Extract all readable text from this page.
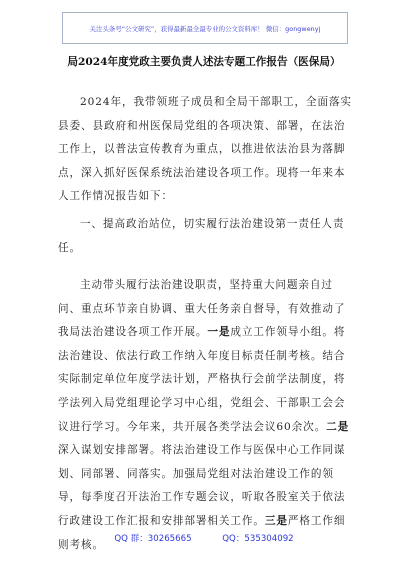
关注头条号“公文研究”，获得最新最全最专业的公文资料库！ 微信：gongwenyj
局2024年度党政主要负责人述法专题工作报告（医保局）

2024年，我带领班子成员和全局干部职工，全面落实县委、县政府和州医保局党组的各项决策、部署，在法治工作上，以普法宣传教育为重点，以推进依法治县为落脚点，深入抓好医保系统法治建设各项工作。现将一年来本人工作情况报告如下：

一、提高政治站位，切实履行法治建设第一责任人责任。

主动带头履行法治建设职责，坚持重大问题亲自过问、重点环节亲自协调、重大任务亲自督导，有效推动了我局法治建设各项工作开展。一是成立工作领导小组。将法治建设、依法行政工作纳入年度目标责任制考核。结合实际制定单位年度学法计划，严格执行会前学法制度，将学法列入局党组理论学习中心组，党组会、干部职工会会议进行学习。今年来，共开展各类学法会议60余次。二是深入谋划安排部署。将法治建设工作与医保中心工作同谋划、同部署、同落实。加强局党组对法治建设工作的领导，每季度召开法治工作专题会议，听取各股室关于依法行政建设工作汇报和安排部署相关工作。三是严格工作细则考核。	QQ 群：30265665	QQ：535304092
